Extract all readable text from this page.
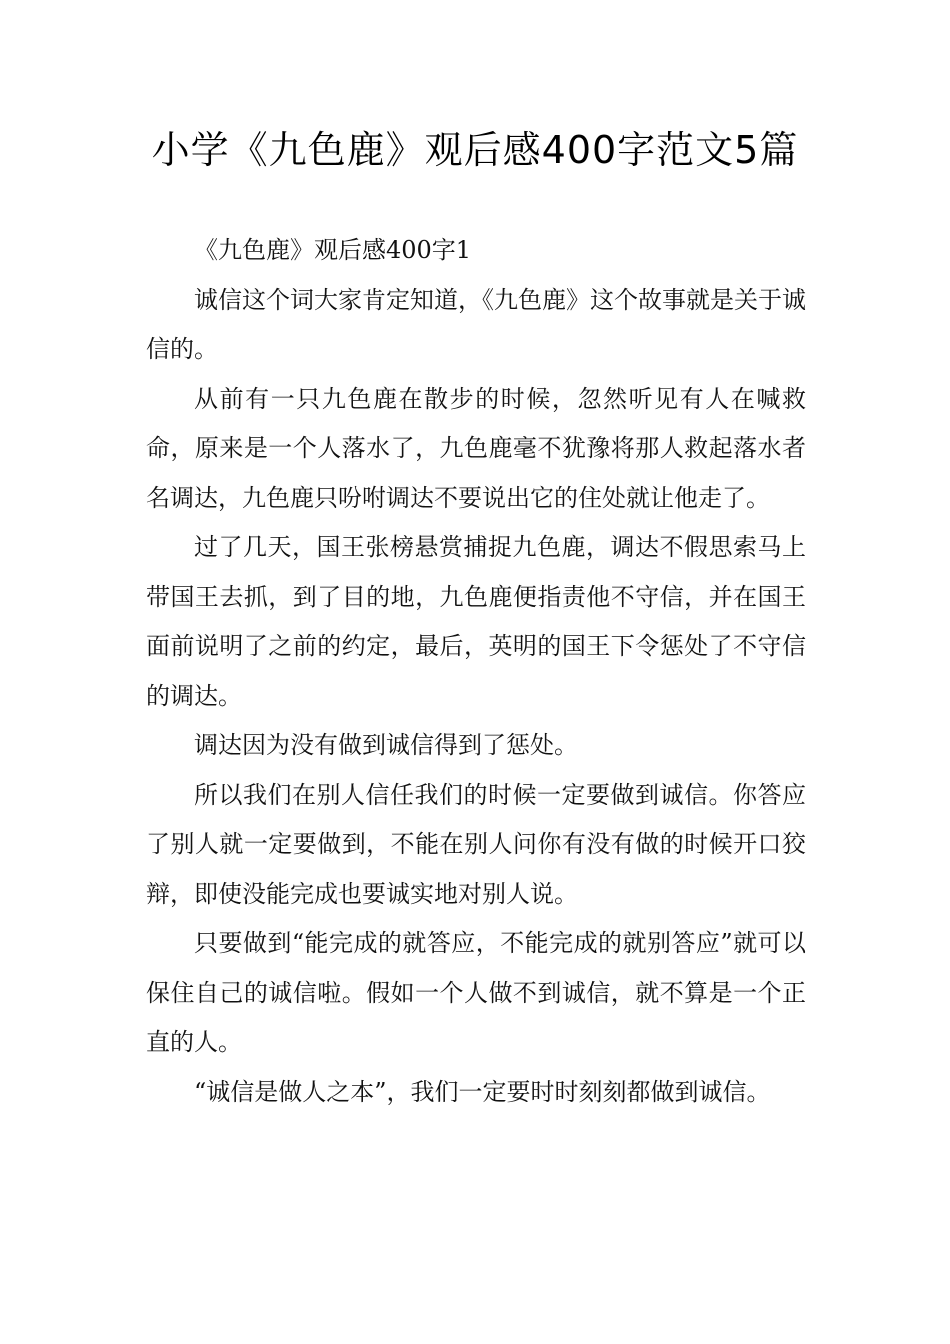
小学《九色鹿》观后感400字范文5篇

《九色鹿》观后感400字1

诚信这个词大家肯定知道，《九色鹿》这个故事就是关于诚信的。

从前有一只九色鹿在散步的时候，忽然听见有人在喊救命，原来是一个人落水了，九色鹿毫不犹豫将那人救起落水者名调达，九色鹿只吩咐调达不要说出它的住处就让他走了。

过了几天，国王张榜悬赏捕捉九色鹿，调达不假思索马上带国王去抓，到了目的地，九色鹿便指责他不守信，并在国王面前说明了之前的约定，最后，英明的国王下令惩处了不守信的调达。

调达因为没有做到诚信得到了惩处。

所以我们在别人信任我们的时候一定要做到诚信。你答应了别人就一定要做到，不能在别人问你有没有做的时候开口狡辩，即使没能完成也要诚实地对别人说。

只要做到“能完成的就答应，不能完成的就别答应”就可以保住自己的诚信啦。假如一个人做不到诚信，就不算是一个正直的人。

“诚信是做人之本”，我们一定要时时刻刻都做到诚信。
